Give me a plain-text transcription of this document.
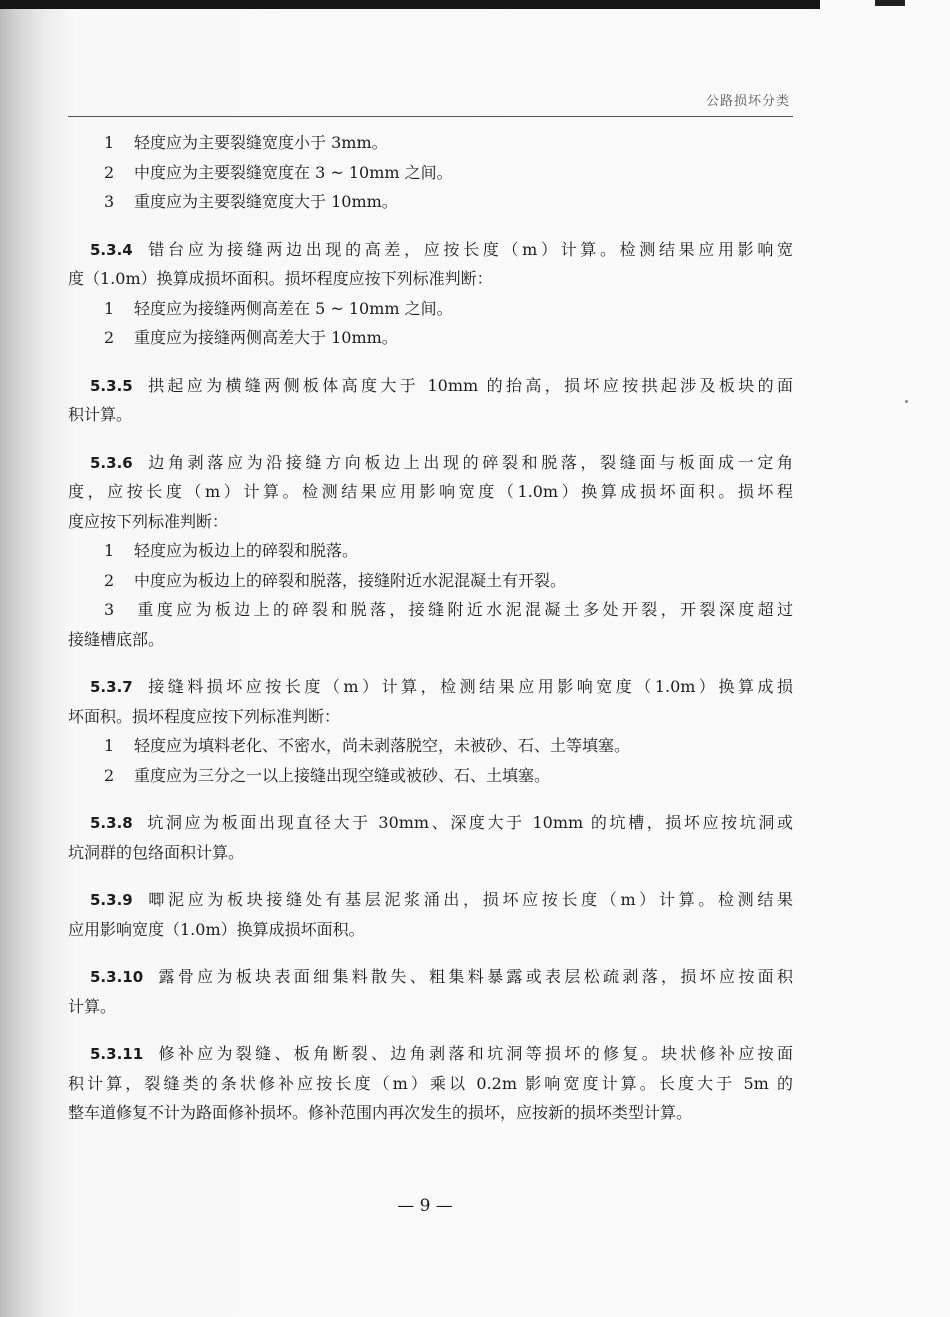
公路损坏分类
1 轻度应为主要裂缝宽度小于 3mm。
2 中度应为主要裂缝宽度在 3 ~ 10mm 之间。
3 重度应为主要裂缝宽度大于 10mm。
5.3.4 错台应为接缝两边出现的高差，应按长度（m）计算。检测结果应用影响宽
度（1.0m）换算成损坏面积。损坏程度应按下列标准判断：
1 轻度应为接缝两侧高差在 5 ~ 10mm 之间。
2 重度应为接缝两侧高差大于 10mm。
5.3.5 拱起应为横缝两侧板体高度大于 10mm 的抬高，损坏应按拱起涉及板块的面
积计算。
5.3.6 边角剥落应为沿接缝方向板边上出现的碎裂和脱落，裂缝面与板面成一定角
度，应按长度（m）计算。检测结果应用影响宽度（1.0m）换算成损坏面积。损坏程
度应按下列标准判断：
1 轻度应为板边上的碎裂和脱落。
2 中度应为板边上的碎裂和脱落，接缝附近水泥混凝土有开裂。
3 重度应为板边上的碎裂和脱落，接缝附近水泥混凝土多处开裂，开裂深度超过
接缝槽底部。
5.3.7 接缝料损坏应按长度（m）计算，检测结果应用影响宽度（1.0m）换算成损
坏面积。损坏程度应按下列标准判断：
1 轻度应为填料老化、不密水，尚未剥落脱空，未被砂、石、土等填塞。
2 重度应为三分之一以上接缝出现空缝或被砂、石、土填塞。
5.3.8 坑洞应为板面出现直径大于 30mm、深度大于 10mm 的坑槽，损坏应按坑洞或
坑洞群的包络面积计算。
5.3.9 唧泥应为板块接缝处有基层泥浆涌出，损坏应按长度（m）计算。检测结果
应用影响宽度（1.0m）换算成损坏面积。
5.3.10 露骨应为板块表面细集料散失、粗集料暴露或表层松疏剥落，损坏应按面积
计算。
5.3.11 修补应为裂缝、板角断裂、边角剥落和坑洞等损坏的修复。块状修补应按面
积计算，裂缝类的条状修补应按长度（m）乘以 0.2m 影响宽度计算。长度大于 5m 的
整车道修复不计为路面修补损坏。修补范围内再次发生的损坏，应按新的损坏类型计算。
— 9 —
